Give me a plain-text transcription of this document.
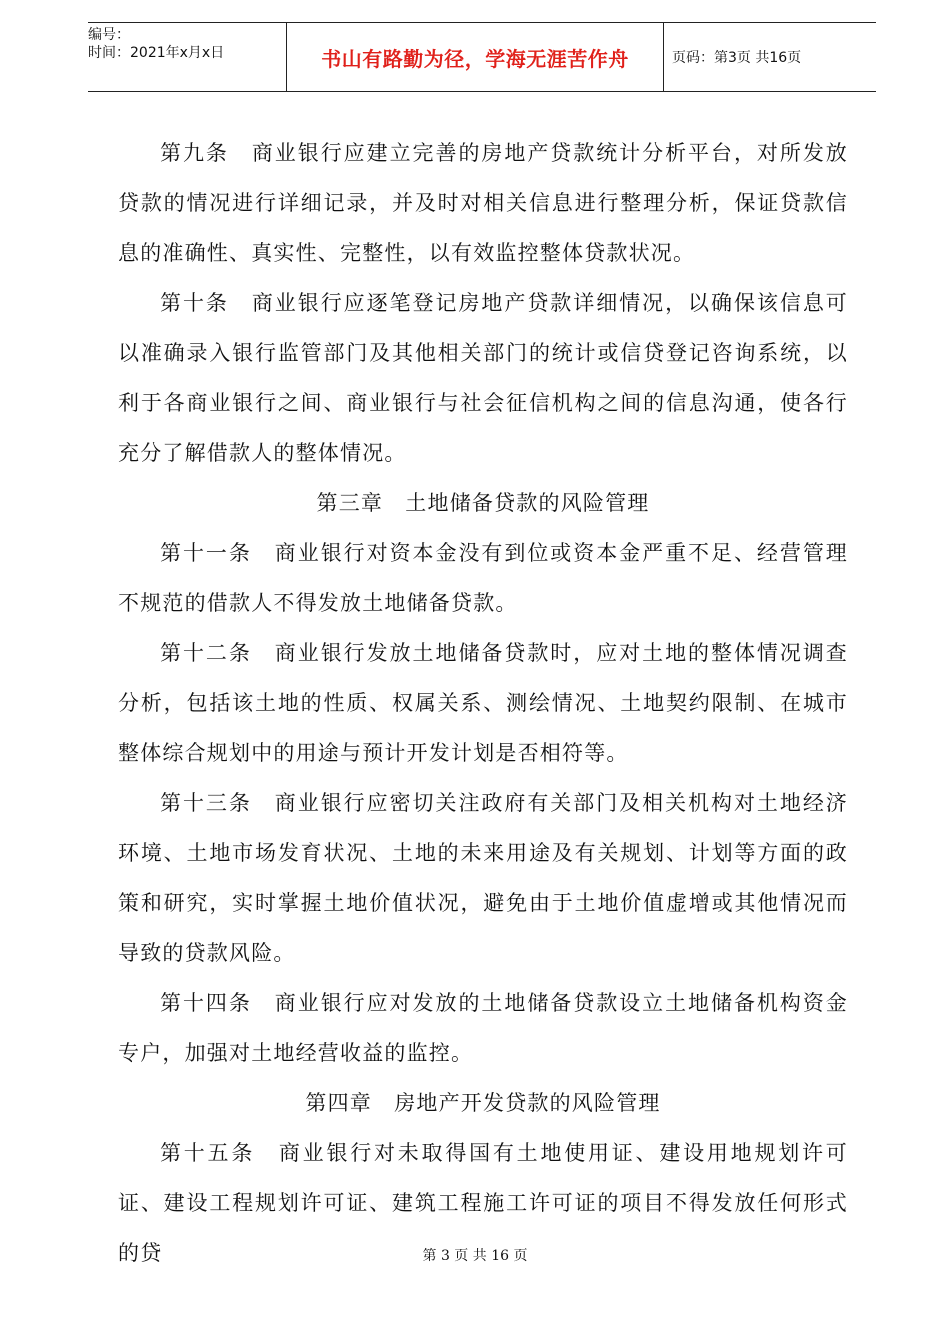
编号：
时间：2021年x月x日	书山有路勤为径，学海无涯苦作舟	页码：第3页 共16页

第九条　商业银行应建立完善的房地产贷款统计分析平台，对所发放贷款的情况进行详细记录，并及时对相关信息进行整理分析，保证贷款信息的准确性、真实性、完整性，以有效监控整体贷款状况。

第十条　商业银行应逐笔登记房地产贷款详细情况，以确保该信息可以准确录入银行监管部门及其他相关部门的统计或信贷登记咨询系统，以利于各商业银行之间、商业银行与社会征信机构之间的信息沟通，使各行充分了解借款人的整体情况。

第三章　土地储备贷款的风险管理

第十一条　商业银行对资本金没有到位或资本金严重不足、经营管理不规范的借款人不得发放土地储备贷款。

第十二条　商业银行发放土地储备贷款时，应对土地的整体情况调查分析，包括该土地的性质、权属关系、测绘情况、土地契约限制、在城市整体综合规划中的用途与预计开发计划是否相符等。

第十三条　商业银行应密切关注政府有关部门及相关机构对土地经济环境、土地市场发育状况、土地的未来用途及有关规划、计划等方面的政策和研究，实时掌握土地价值状况，避免由于土地价值虚增或其他情况而导致的贷款风险。

第十四条　商业银行应对发放的土地储备贷款设立土地储备机构资金专户，加强对土地经营收益的监控。

第四章　房地产开发贷款的风险管理

第十五条　商业银行对未取得国有土地使用证、建设用地规划许可证、建设工程规划许可证、建筑工程施工许可证的项目不得发放任何形式的贷	第 3 页 共 16 页
